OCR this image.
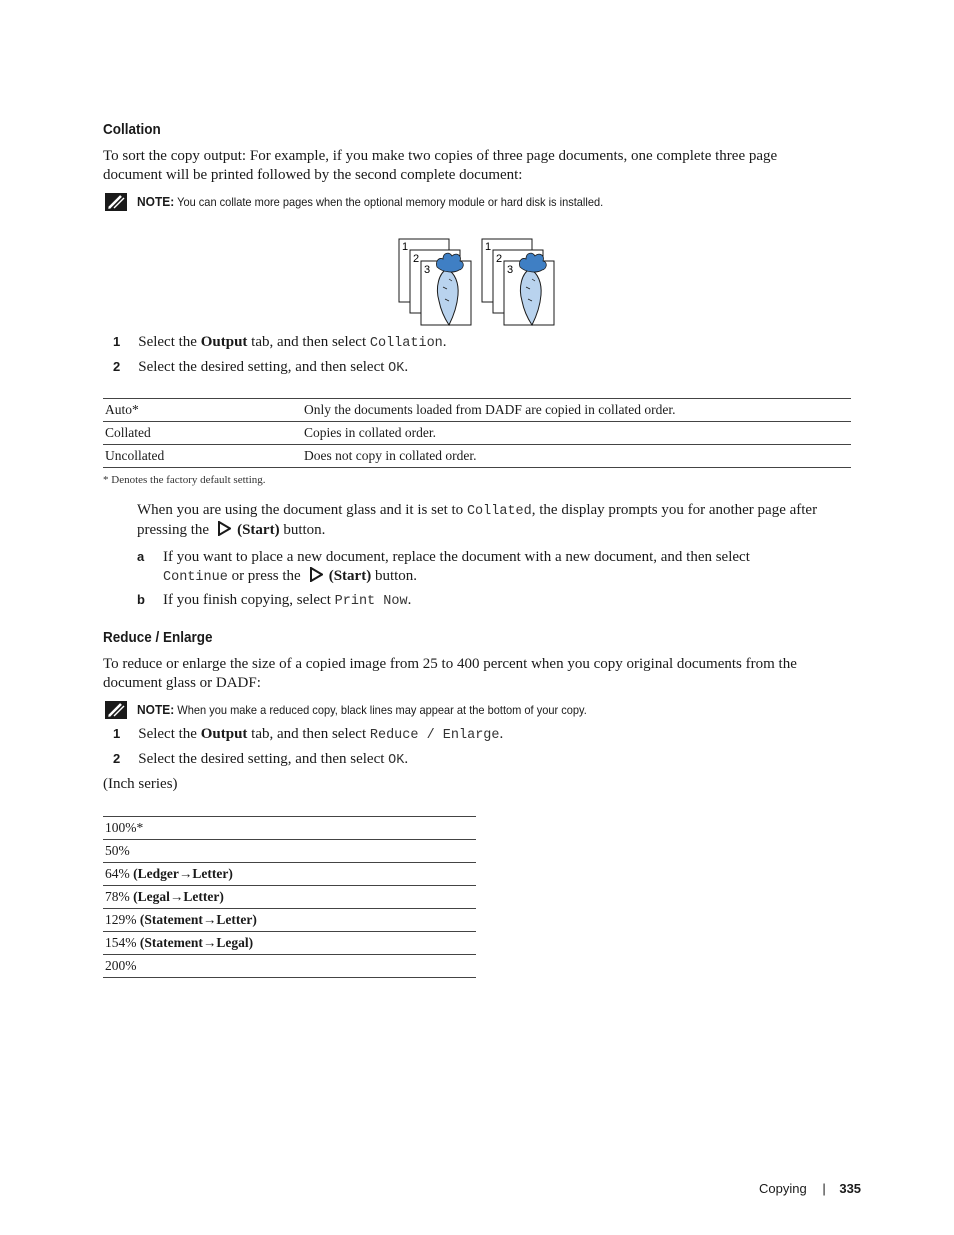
Collation
To sort the copy output: For example, if you make two copies of three page documents, one complete three page
document will be printed followed by the second complete document:
NOTE: You can collate more pages when the optional memory module or hard disk is installed.
1
2
3
1
2
3
1 Select the Output tab, and then select Collation.
2 Select the desired setting, and then select OK.
Auto*	Only the documents loaded from DADF are copied in collated order.
Collated	Copies in collated order.
Uncollated	Does not copy in collated order.
* Denotes the factory default setting.
When you are using the document glass and it is set to Collated, the display prompts you for another page after
pressing the (Start) button.
a If you want to place a new document, replace the document with a new document, and then select
Continue or press the (Start) button.
b If you finish copying, select Print Now.
Reduce / Enlarge
To reduce or enlarge the size of a copied image from 25 to 400 percent when you copy original documents from the
document glass or DADF:
NOTE: When you make a reduced copy, black lines may appear at the bottom of your copy.
1 Select the Output tab, and then select Reduce / Enlarge.
2 Select the desired setting, and then select OK.
(Inch series)
100%*
50%
64% (Ledger→Letter)
78% (Legal→Letter)
129% (Statement→Letter)
154% (Statement→Legal)
200%
Copying | 335
